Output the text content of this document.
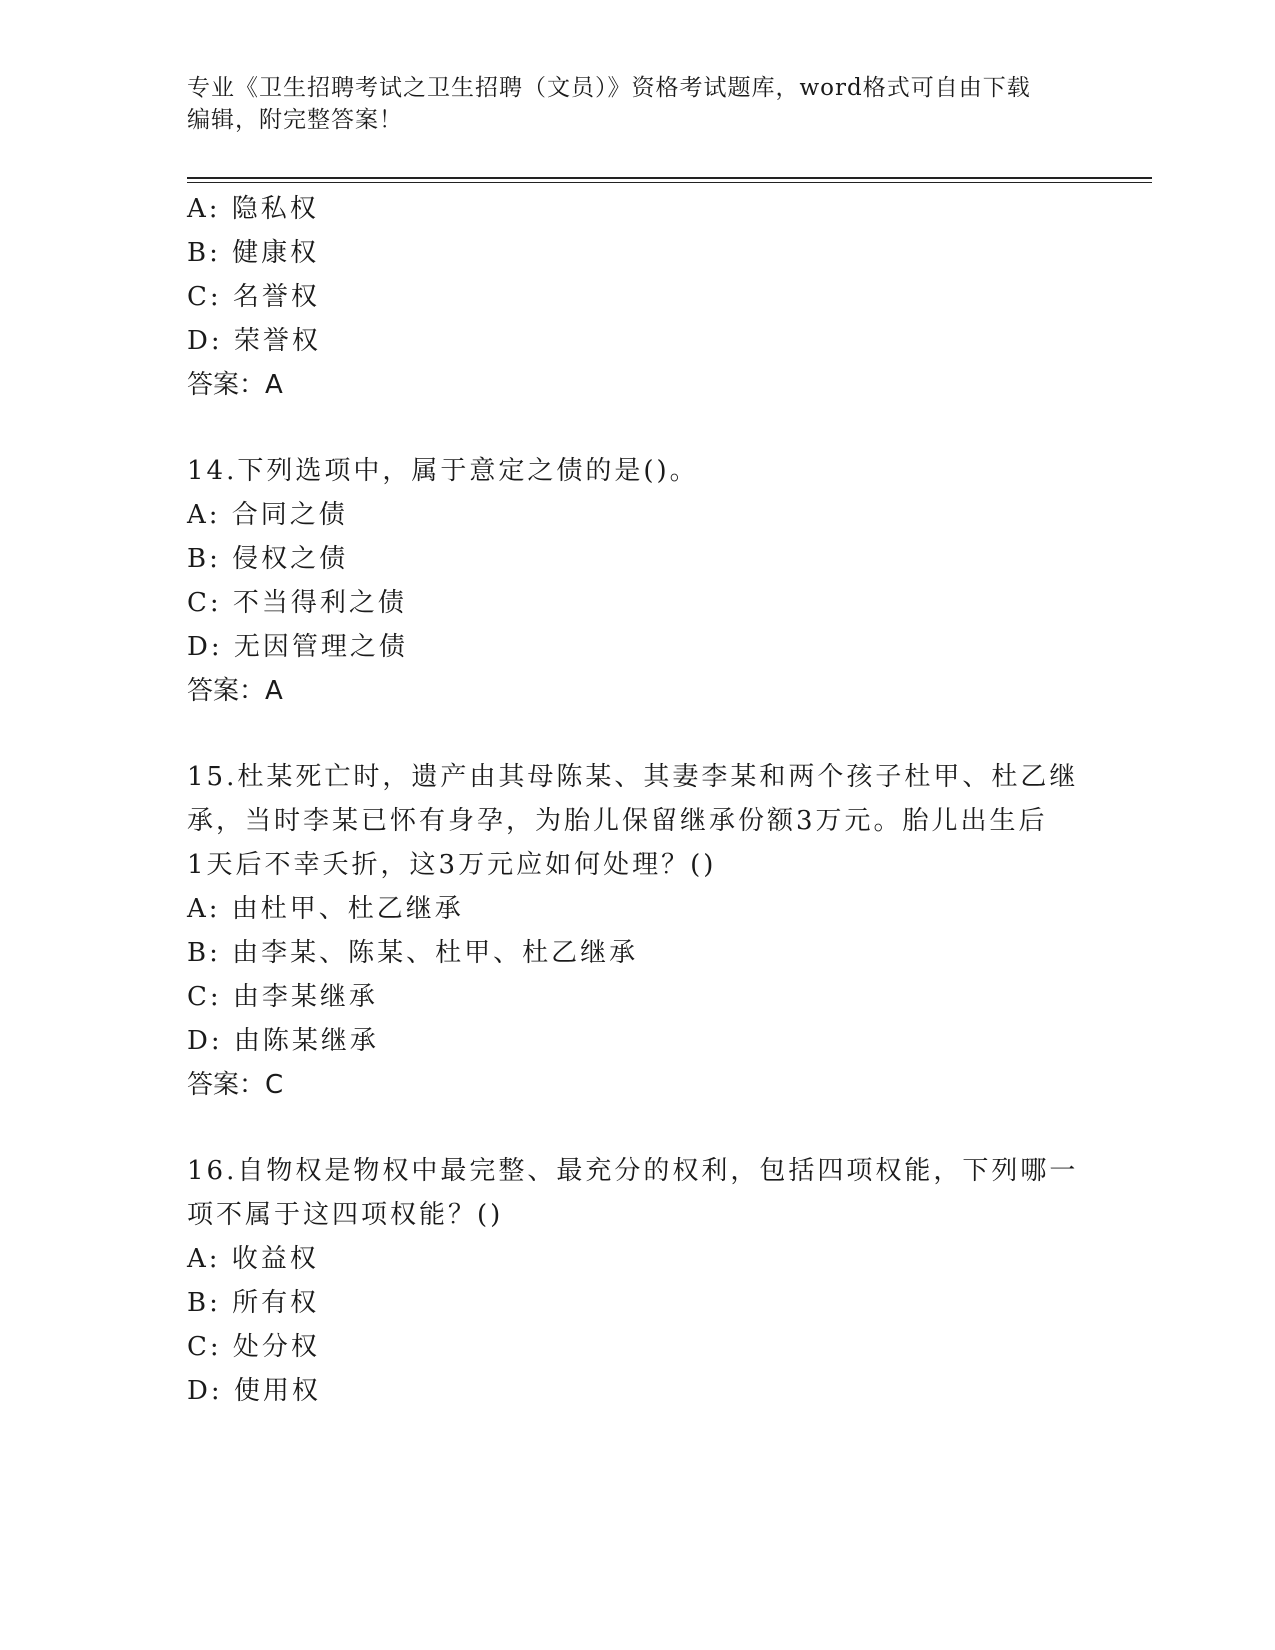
专业《卫生招聘考试之卫生招聘（文员）》资格考试题库，word格式可自由下载
编辑，附完整答案！
A: 隐私权
B: 健康权
C: 名誉权
D: 荣誉权
答案：A
14.下列选项中，属于意定之债的是()。
A: 合同之债
B: 侵权之债
C: 不当得利之债
D: 无因管理之债
答案：A
15.杜某死亡时，遗产由其母陈某、其妻李某和两个孩子杜甲、杜乙继
承，当时李某已怀有身孕，为胎儿保留继承份额3万元。胎儿出生后
1天后不幸夭折，这3万元应如何处理？()
A: 由杜甲、杜乙继承
B: 由李某、陈某、杜甲、杜乙继承
C: 由李某继承
D: 由陈某继承
答案：C
16.自物权是物权中最完整、最充分的权利，包括四项权能，下列哪一
项不属于这四项权能？()
A: 收益权
B: 所有权
C: 处分权
D: 使用权
